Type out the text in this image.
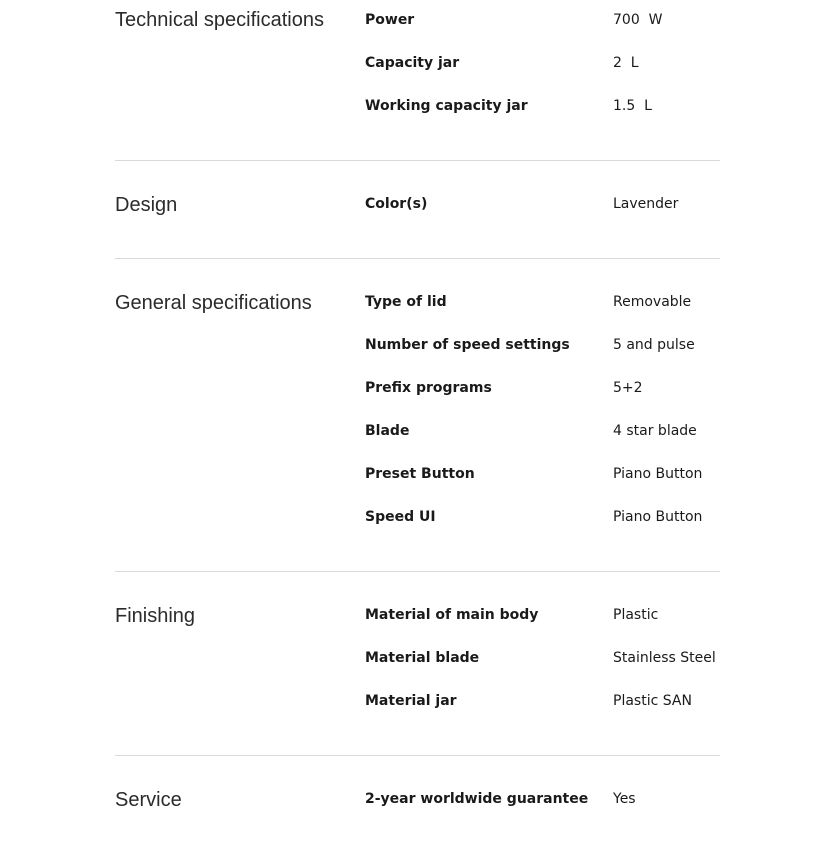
Technical specifications	Power	700  W
Capacity jar	2  L
Working capacity jar	1.5  L
Design	Color(s)	Lavender
General specifications	Type of lid	Removable
Number of speed settings	5 and pulse
Prefix programs	5+2
Blade	4 star blade
Preset Button	Piano Button
Speed UI	Piano Button
Finishing	Material of main body	Plastic
Material blade	Stainless Steel
Material jar	Plastic SAN
Service	2-year worldwide guarantee	Yes
